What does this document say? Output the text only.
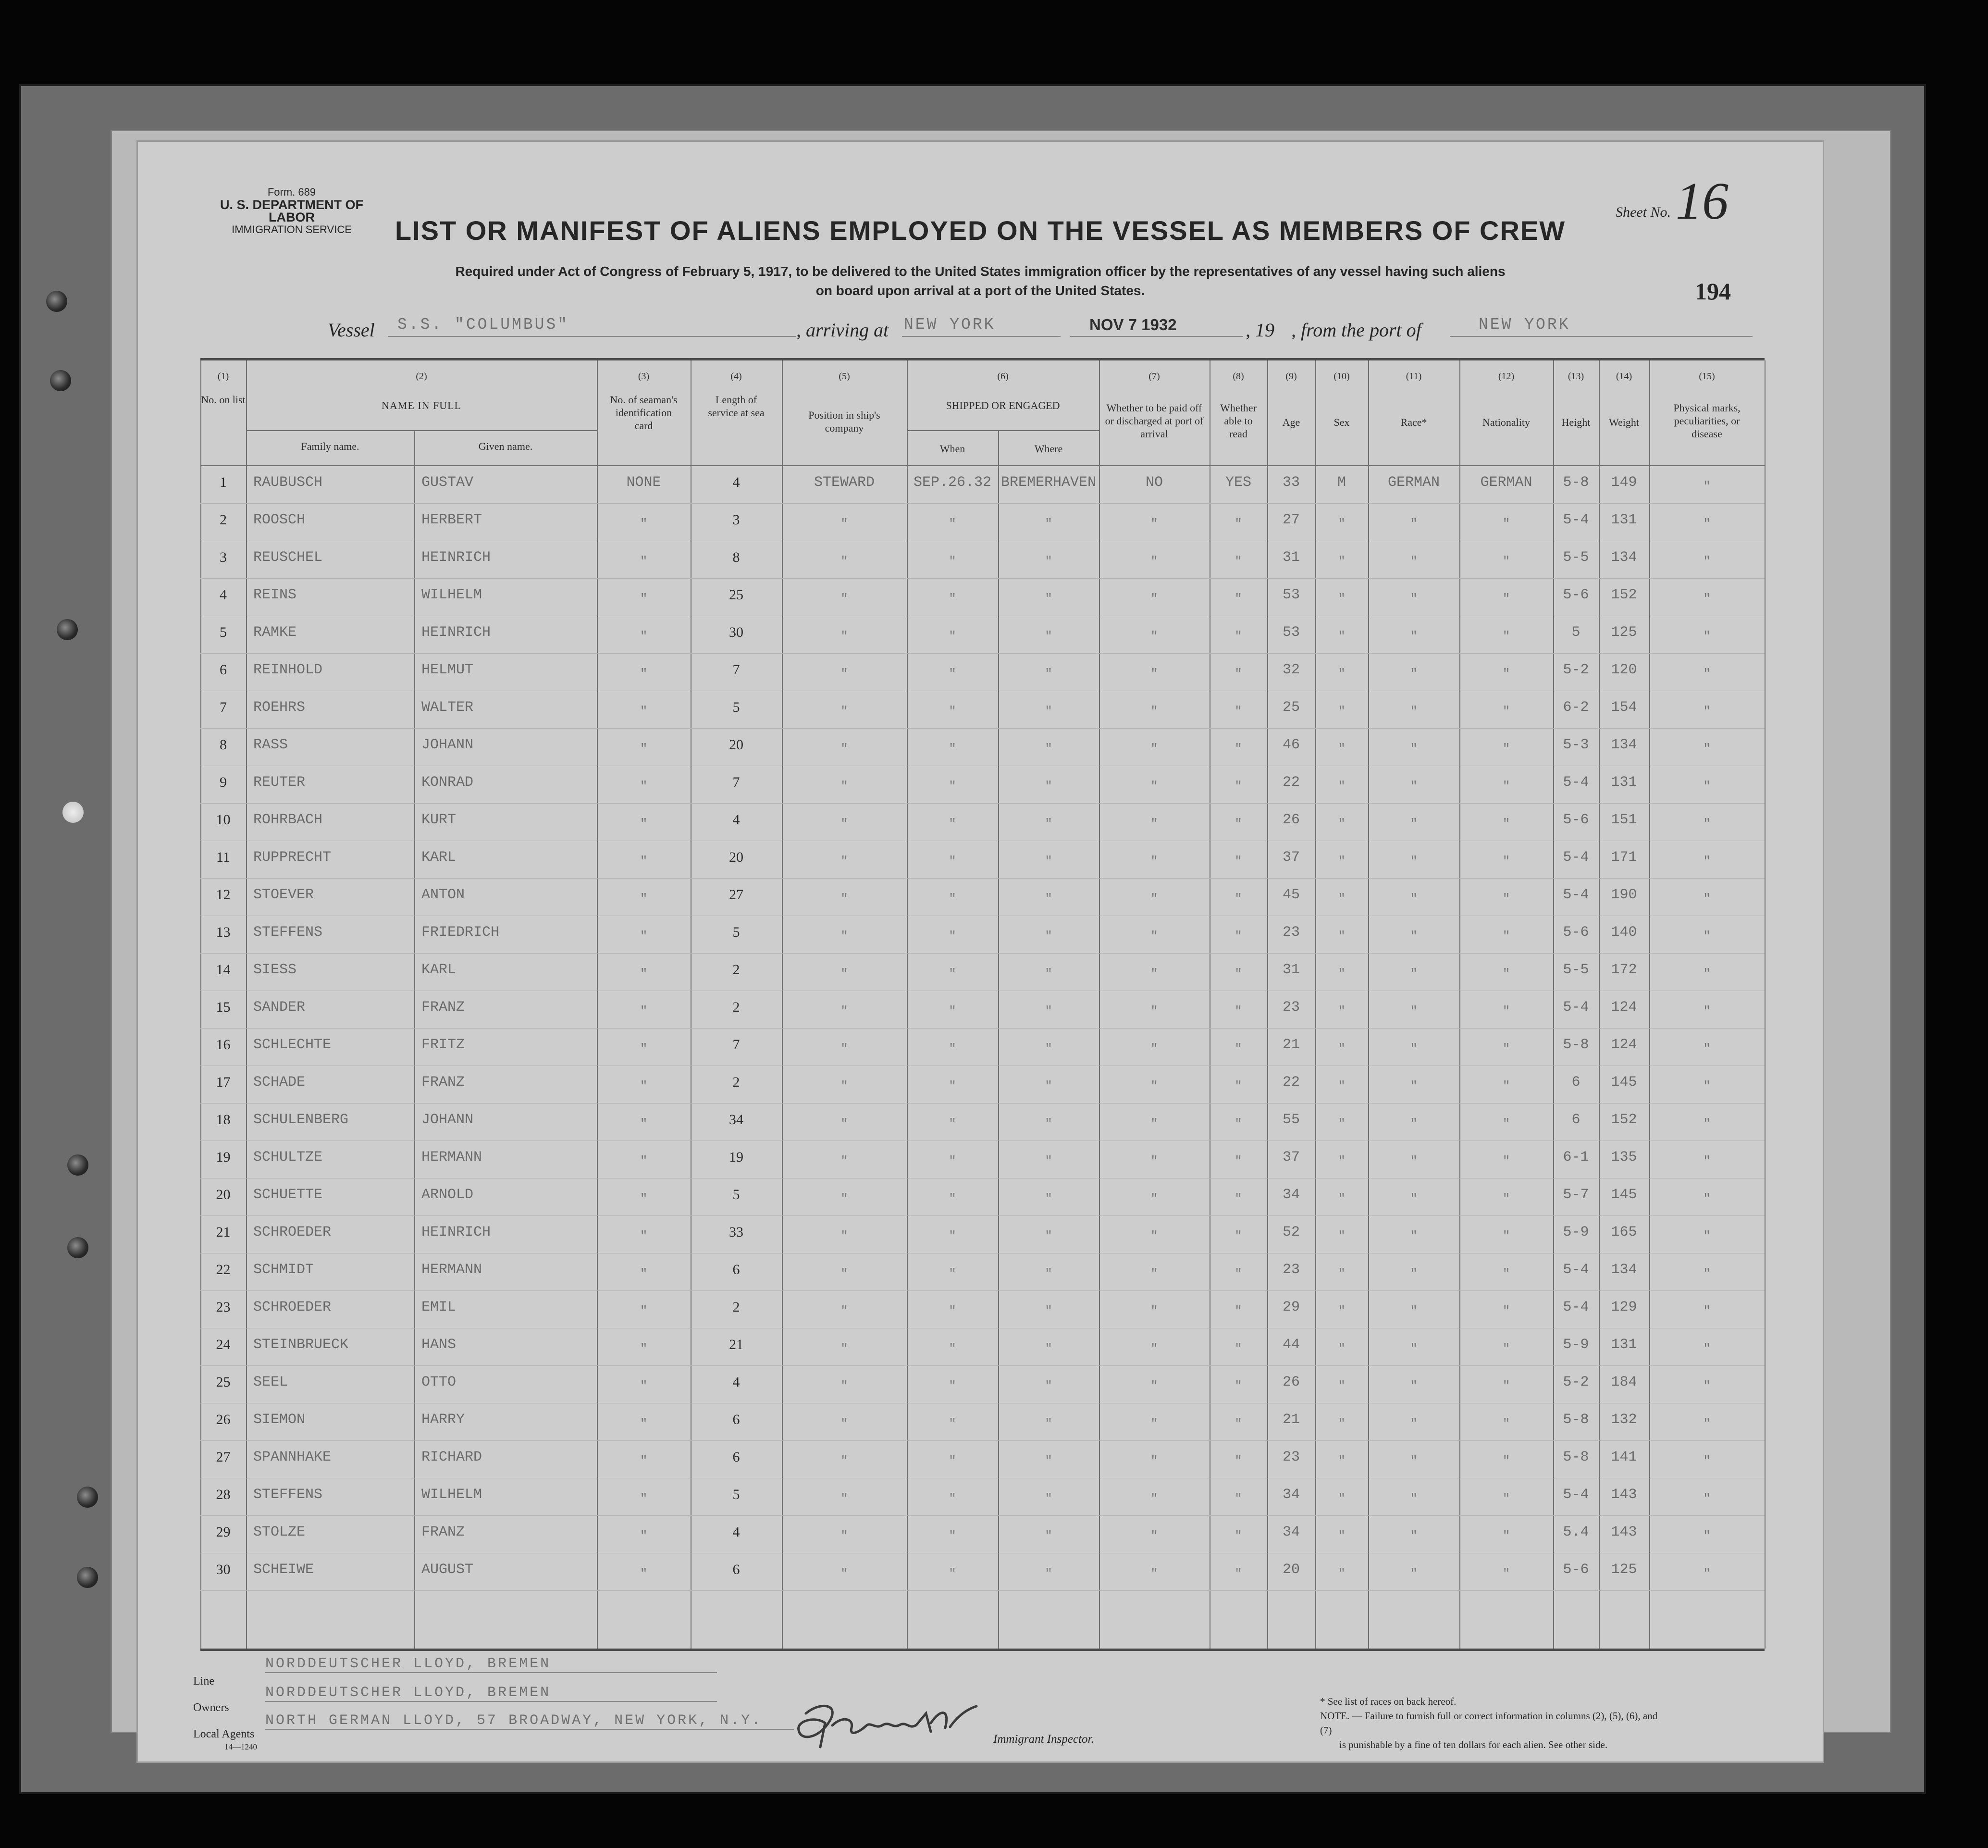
Form. 689
U. S. DEPARTMENT OF LABOR
IMMIGRATION SERVICE	LIST OR MANIFEST OF ALIENS EMPLOYED ON THE VESSEL AS MEMBERS OF CREW
Required under Act of Congress of February 5, 1917, to be delivered to the United States immigration officer by the representatives of any vessel having such aliens
on board upon arrival at a port of the United States.
Sheet No. 16
194
Vessel	S.S. "COLUMBUS"	, arriving at NEW YORK	NOV 7 1932	, 19 , from the port of	NEW YORK
(1)	(2)	(3)	(4)	(5)	(6)	(7)	(8)	(9)	(10)	(11)	(12)	(13)	(14)	(15)
No. on list	NAME IN FULL
Family name.	Given name.
No. of seaman's identification card
Length of service at sea	Position in ship's company
SHIPPED OR ENGAGED
When	Where
Whether to be paid off or discharged at port of arrival
Whether able to read
Age	Sex	Race*	Nationality	Height	Weight
Physical marks, peculiarities, or disease
1	RAUBUSCH	GUSTAV	NONE	4	STEWARD	SEP.26.32 BREMERHAVEN	NO	YES	33	M	GERMAN	GERMAN	5-8	149	"
2	ROOSCH	HERBERT	"	3	"	"	"	"	"	27	"	"	"	5-4	131	"
3	REUSCHEL	HEINRICH	"	8	"	"	"	"	"	31	"	"	"	5-5	134	"
4	REINS	WILHELM	"	25	"	"	"	"	"	53	"	"	"	5-6	152	"
5	RAMKE	HEINRICH	"	30	"	"	"	"	"	53	"	"	"	5	125	"
6	REINHOLD	HELMUT	"	7	"	"	"	"	"	32	"	"	"	5-2	120	"
7	ROEHRS	WALTER	"	5	"	"	"	"	"	25	"	"	"	6-2	154	"
8	RASS	JOHANN	"	20	"	"	"	"	"	46	"	"	"	5-3	134	"
9	REUTER	KONRAD	"	7	"	"	"	"	"	22	"	"	"	5-4	131	"
10	ROHRBACH	KURT	"	4	"	"	"	"	"	26	"	"	"	5-6	151	"
11	RUPPRECHT	KARL	"	20	"	"	"	"	"	37	"	"	"	5-4	171	"
12	STOEVER	ANTON	"	27	"	"	"	"	"	45	"	"	"	5-4	190	"
13	STEFFENS	FRIEDRICH	"	5	"	"	"	"	"	23	"	"	"	5-6	140	"
14	SIESS	KARL	"	2	"	"	"	"	"	31	"	"	"	5-5	172	"
15	SANDER	FRANZ	"	2	"	"	"	"	"	23	"	"	"	5-4	124	"
16	SCHLECHTE	FRITZ	"	7	"	"	"	"	"	21	"	"	"	5-8	124	"
17	SCHADE	FRANZ	"	2	"	"	"	"	"	22	"	"	"	6	145	"
18	SCHULENBERG	JOHANN	"	34	"	"	"	"	"	55	"	"	"	6	152	"
19	SCHULTZE	HERMANN	"	19	"	"	"	"	"	37	"	"	"	6-1	135	"
20	SCHUETTE	ARNOLD	"	5	"	"	"	"	"	34	"	"	"	5-7	145	"
21	SCHROEDER	HEINRICH	"	33	"	"	"	"	"	52	"	"	"	5-9	165	"
22	SCHMIDT	HERMANN	"	6	"	"	"	"	"	23	"	"	"	5-4	134	"
23	SCHROEDER	EMIL	"	2	"	"	"	"	"	29	"	"	"	5-4	129	"
24	STEINBRUECK	HANS	"	21	"	"	"	"	"	44	"	"	"	5-9	131	"
25	SEEL	OTTO	"	4	"	"	"	"	"	26	"	"	"	5-2	184	"
26	SIEMON	HARRY	"	6	"	"	"	"	"	21	"	"	"	5-8	132	"
27	SPANNHAKE	RICHARD	"	6	"	"	"	"	"	23	"	"	"	5-8	141	"
28	STEFFENS	WILHELM	"	5	"	"	"	"	"	34	"	"	"	5-4	143	"
29	STOLZE	FRANZ	"	4	"	"	"	"	"	34	"	"	"	5.4	143	"
30	SCHEIWE	AUGUST	"	6	"	"	"	"	"	20	"	"	"	5-6	125	"
Line
NORDDEUTSCHER LLOYD, BREMEN
Owners
NORDDEUTSCHER LLOYD, BREMEN
Local Agents
NORTH GERMAN LLOYD, 57 BROADWAY, NEW YORK, N.Y.
14—1240
Immigrant Inspector.
* See list of races on back hereof.
NOTE. — Failure to furnish full or correct information in columns (2), (5), (6), and (7)
is punishable by a fine of ten dollars for each alien. See other side.
